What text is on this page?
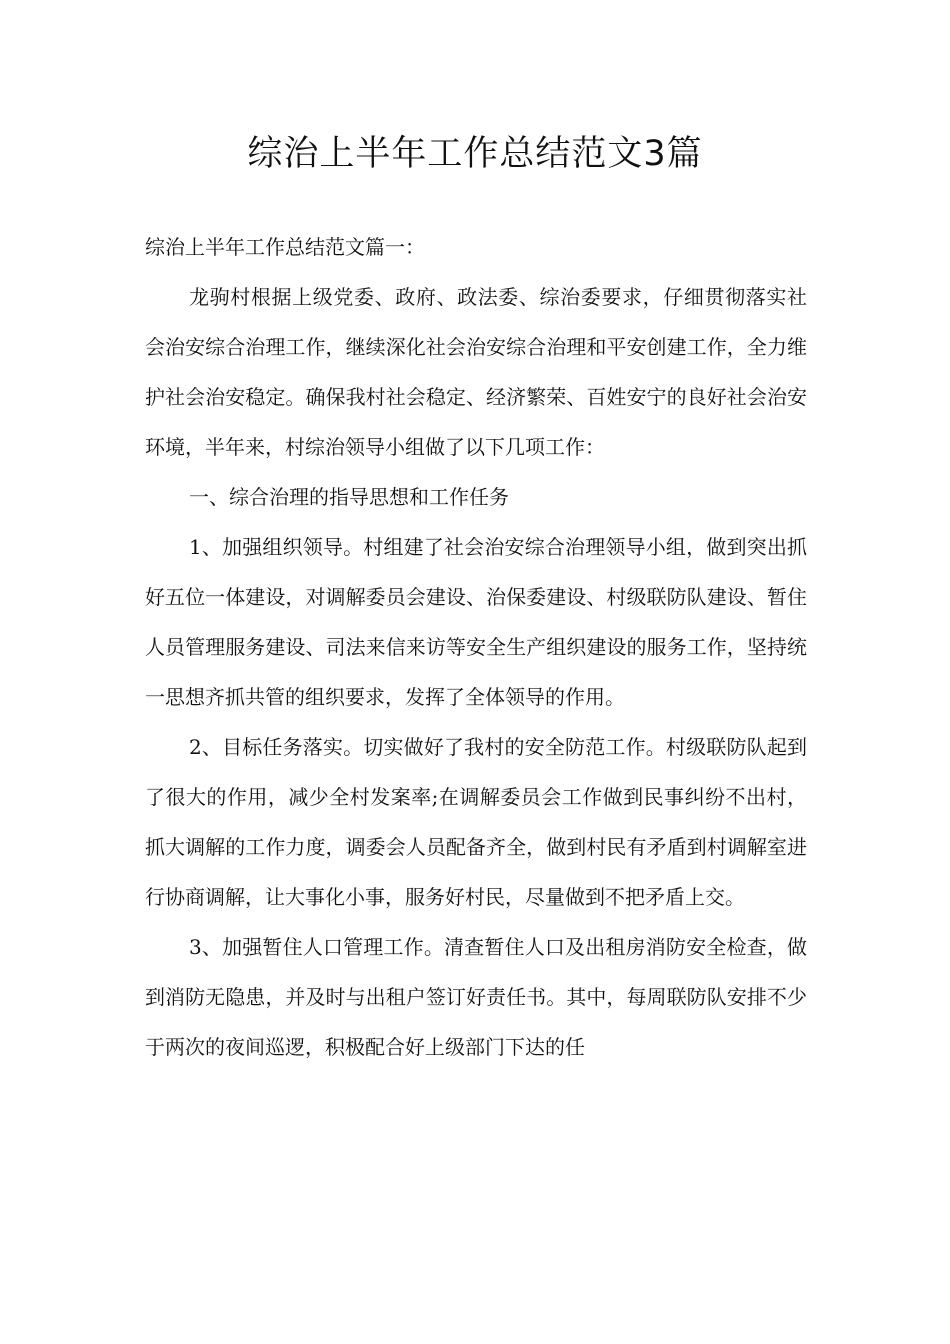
综治上半年工作总结范文3篇

综治上半年工作总结范文篇一：

龙驹村根据上级党委、政府、政法委、综治委要求，仔细贯彻落实社会治安综合治理工作，继续深化社会治安综合治理和平安创建工作，全力维护社会治安稳定。确保我村社会稳定、经济繁荣、百姓安宁的良好社会治安环境，半年来，村综治领导小组做了以下几项工作：

一、综合治理的指导思想和工作任务

1、加强组织领导。村组建了社会治安综合治理领导小组，做到突出抓好五位一体建设，对调解委员会建设、治保委建设、村级联防队建设、暂住人员管理服务建设、司法来信来访等安全生产组织建设的服务工作，坚持统一思想齐抓共管的组织要求，发挥了全体领导的作用。

2、目标任务落实。切实做好了我村的安全防范工作。村级联防队起到了很大的作用，减少全村发案率;在调解委员会工作做到民事纠纷不出村，抓大调解的工作力度，调委会人员配备齐全，做到村民有矛盾到村调解室进行协商调解，让大事化小事，服务好村民，尽量做到不把矛盾上交。

3、加强暂住人口管理工作。清查暂住人口及出租房消防安全检查，做到消防无隐患，并及时与出租户签订好责任书。其中，每周联防队安排不少于两次的夜间巡逻，积极配合好上级部门下达的任
